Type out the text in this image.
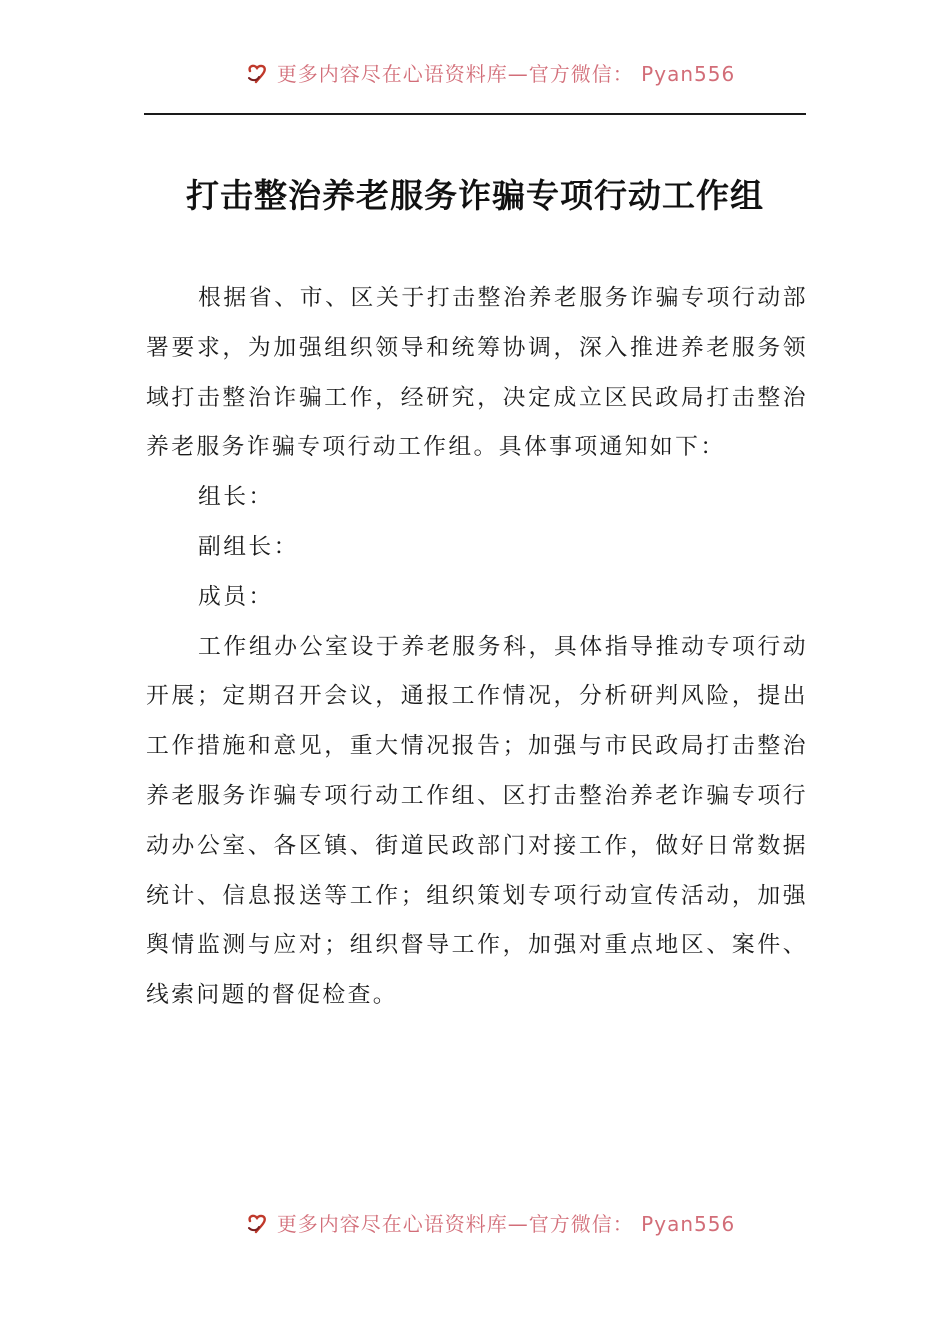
更多内容尽在心语资料库—官方微信： Pyan556
打击整治养老服务诈骗专项行动工作组

根据省、市、区关于打击整治养老服务诈骗专项行动部署要求，为加强组织领导和统筹协调，深入推进养老服务领域打击整治诈骗工作，经研究，决定成立区民政局打击整治养老服务诈骗专项行动工作组。具体事项通知如下：

组长：

副组长：

成员：

工作组办公室设于养老服务科，具体指导推动专项行动开展；定期召开会议，通报工作情况，分析研判风险，提出工作措施和意见，重大情况报告；加强与市民政局打击整治养老服务诈骗专项行动工作组、区打击整治养老诈骗专项行动办公室、各区镇、街道民政部门对接工作，做好日常数据统计、信息报送等工作；组织策划专项行动宣传活动，加强舆情监测与应对；组织督导工作，加强对重点地区、案件、线索问题的督促检查。

更多内容尽在心语资料库—官方微信： Pyan556
